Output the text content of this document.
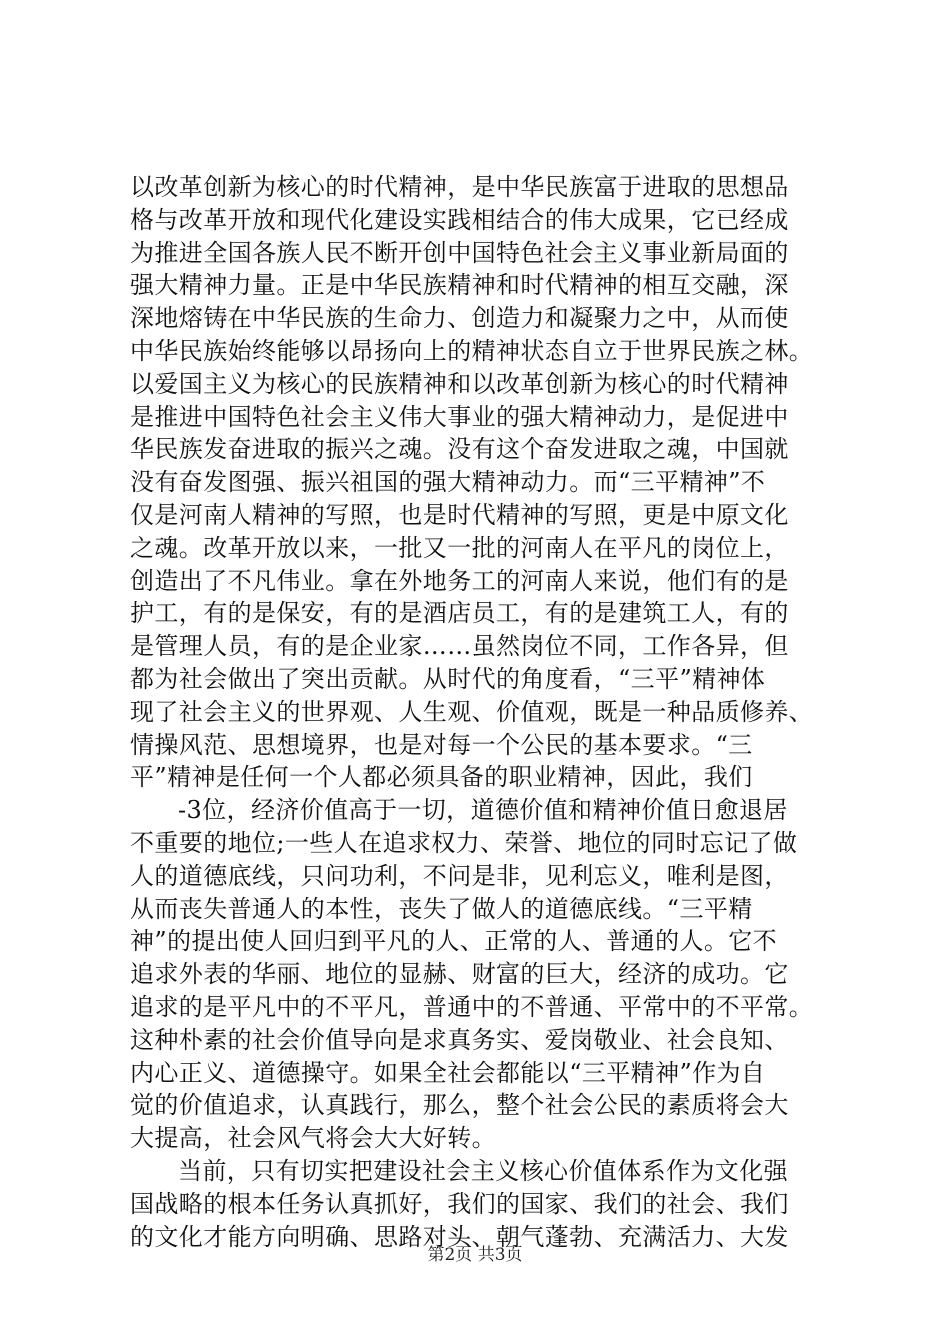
以改革创新为核心的时代精神，是中华民族富于进取的思想品
格与改革开放和现代化建设实践相结合的伟大成果，它已经成
为推进全国各族人民不断开创中国特色社会主义事业新局面的
强大精神力量。正是中华民族精神和时代精神的相互交融，深
深地熔铸在中华民族的生命力、创造力和凝聚力之中，从而使
中华民族始终能够以昂扬向上的精神状态自立于世界民族之林。
以爱国主义为核心的民族精神和以改革创新为核心的时代精神
是推进中国特色社会主义伟大事业的强大精神动力，是促进中
华民族发奋进取的振兴之魂。没有这个奋发进取之魂，中国就
没有奋发图强、振兴祖国的强大精神动力。而“三平精神”不
仅是河南人精神的写照，也是时代精神的写照，更是中原文化
之魂。改革开放以来，一批又一批的河南人在平凡的岗位上，
创造出了不凡伟业。拿在外地务工的河南人来说，他们有的是
护工，有的是保安，有的是酒店员工，有的是建筑工人，有的
是管理人员，有的是企业家……虽然岗位不同，工作各异，但
都为社会做出了突出贡献。从时代的角度看，“三平”精神体
现了社会主义的世界观、人生观、价值观，既是一种品质修养、
情操风范、思想境界，也是对每一个公民的基本要求。“三
平”精神是任何一个人都必须具备的职业精神，因此，我们
-3位，经济价值高于一切，道德价值和精神价值日愈退居
不重要的地位;一些人在追求权力、荣誉、地位的同时忘记了做
人的道德底线，只问功利，不问是非，见利忘义，唯利是图，
从而丧失普通人的本性，丧失了做人的道德底线。“三平精
神”的提出使人回归到平凡的人、正常的人、普通的人。它不
追求外表的华丽、地位的显赫、财富的巨大，经济的成功。它
追求的是平凡中的不平凡，普通中的不普通、平常中的不平常。
这种朴素的社会价值导向是求真务实、爱岗敬业、社会良知、
内心正义、道德操守。如果全社会都能以“三平精神”作为自
觉的价值追求，认真践行，那么，整个社会公民的素质将会大
大提高，社会风气将会大大好转。
当前，只有切实把建设社会主义核心价值体系作为文化强
国战略的根本任务认真抓好，我们的国家、我们的社会、我们
的文化才能方向明确、思路对头、朝气蓬勃、充满活力、大发
第2页 共3页
